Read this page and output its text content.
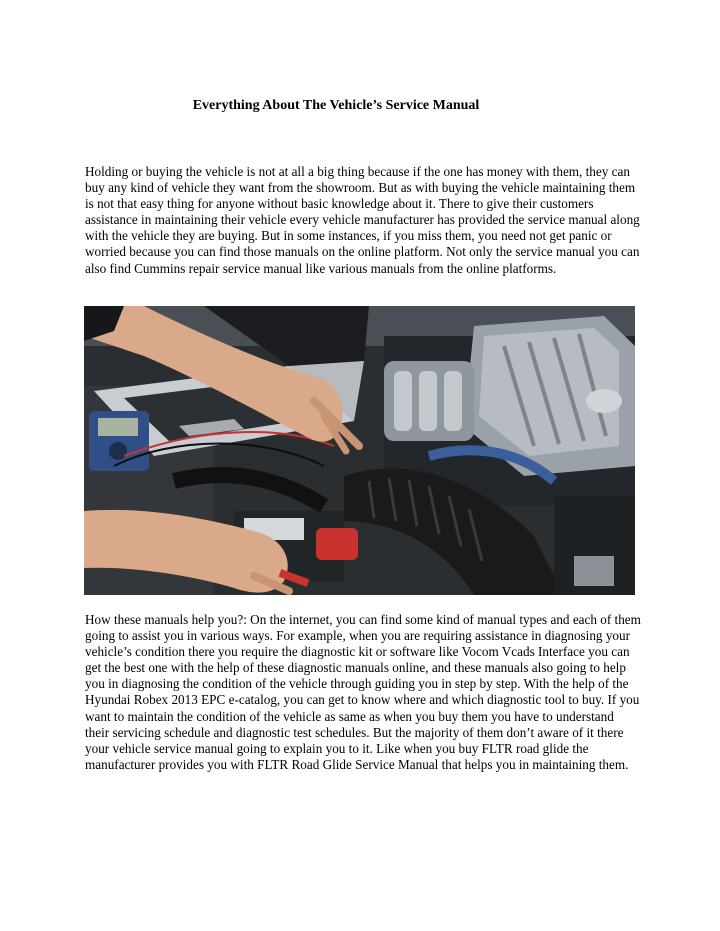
Everything About The Vehicle’s Service Manual

Holding or buying the vehicle is not at all a big thing because if the one has money with them, they can buy any kind of vehicle they want from the showroom. But as with buying the vehicle maintaining them is not that easy thing for anyone without basic knowledge about it. There to give their customers assistance in maintaining their vehicle every vehicle manufacturer has provided the service manual along with the vehicle they are buying. But in some instances, if you miss them, you need not get panic or worried because you can find those manuals on the online platform. Not only the service manual you can also find Cummins repair service manual like various manuals from the online platforms.

How these manuals help you?: On the internet, you can find some kind of manual types and each of them going to assist you in various ways. For example, when you are requiring assistance in diagnosing your vehicle’s condition there you require the diagnostic kit or software like Vocom Vcads Interface you can get the best one with the help of these diagnostic manuals online, and these manuals also going to help you in diagnosing the condition of the vehicle through guiding you in step by step. With the help of the Hyundai Robex 2013 EPC e-catalog, you can get to know where and which diagnostic tool to buy. If you want to maintain the condition of the vehicle as same as when you buy them you have to understand their servicing schedule and diagnostic test schedules. But the majority of them don’t aware of it there your vehicle service manual going to explain you to it. Like when you buy FLTR road glide the manufacturer provides you with FLTR Road Glide Service Manual that helps you in maintaining them.
